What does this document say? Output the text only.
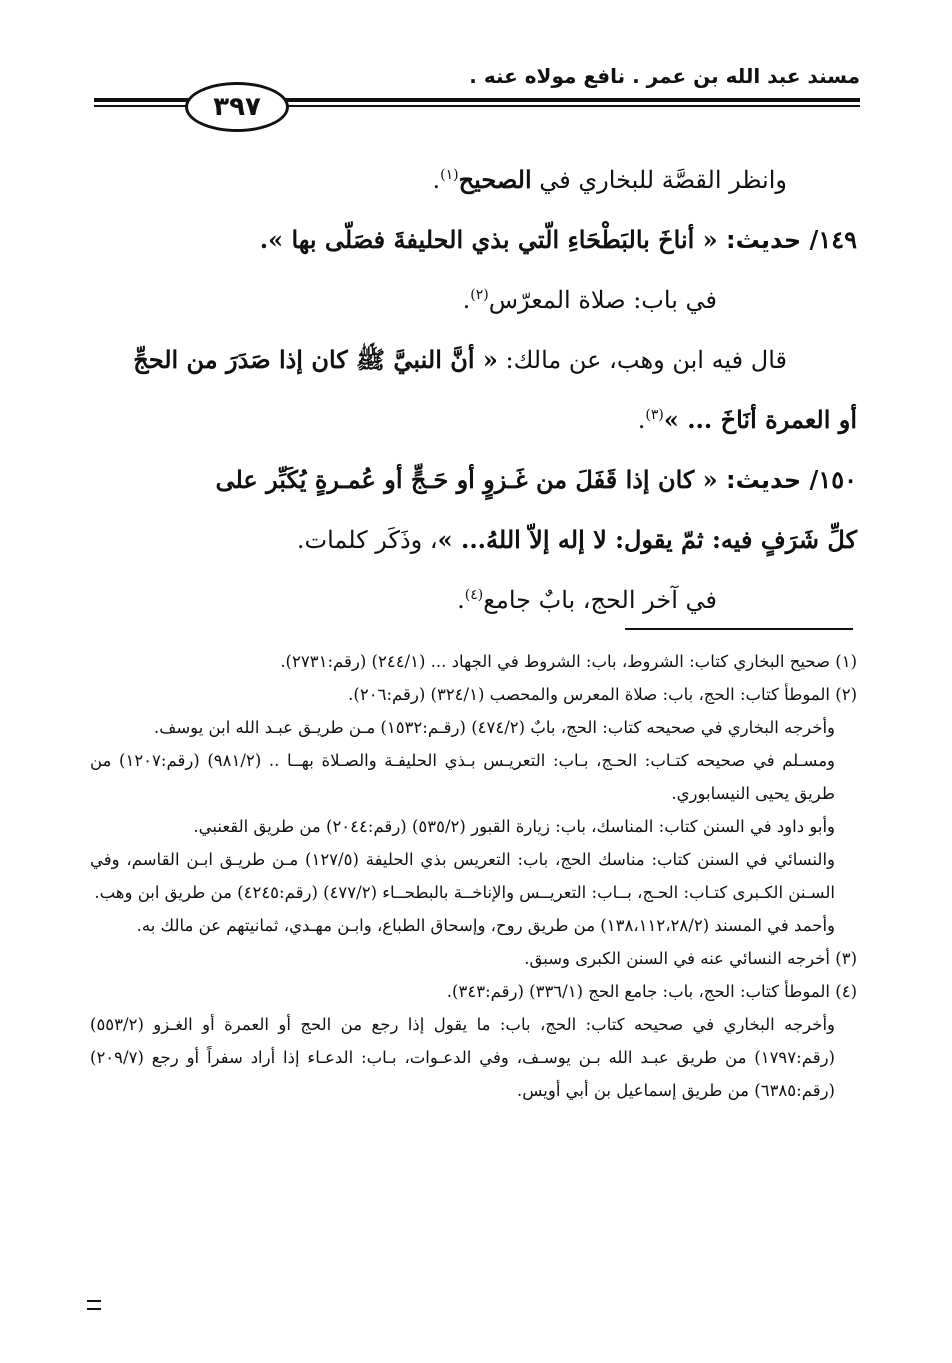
مسند عبد الله بن عمر . نافع مولاه عنه .
٣٩٧
وانظر القصَّة للبخاري في الصحيح$^{(١)}$.
١٤٩/ حديث: « أناخَ بالبَطْحَاءِ الّتي بذي الحليفةَ فصَلّى بها ».
في باب: صلاة المعرّس$^{(٢)}$.
قال فيه ابن وهب، عن مالك: « أنَّ النبيَّ ﷺ كان إذا صَدَرَ من الحجِّ
أو العمرة أنَاخَ ... »$^{(٣)}$.
١٥٠/ حديث: « كان إذا قَفَلَ من غَـزوٍ أو حَـجٍّ أو عُمـرةٍ يُكَبِّر على
كلِّ شَرَفٍ فيه: ثمّ يقول: لا إله إلاّ اللهُ... »، وذَكَر كلمات.
في آخر الحج، بابٌ جامع$^{(٤)}$.
(١) صحيح البخاري كتاب: الشروط، باب: الشروط في الجهاد ... (٢٤٤/١) (رقم:٢٧٣١).
(٢) الموطأ كتاب: الحج، باب: صلاة المعرس والمحصب (٣٢٤/١) (رقم:٢٠٦).
وأخرجه البخاري في صحيحه كتاب: الحج، بابٌ (٤٧٤/٢) (رقـم:١٥٣٢) مـن طريـق عبـد الله ابن يوسف.
ومسـلم في صحيحه كتـاب: الحـج، بـاب: التعريـس بـذي الحليفـة والصـلاة بهــا .. (٩٨١/٢) (رقم:١٢٠٧) من طريق يحيى النيسابوري.
وأبو داود في السنن كتاب: المناسك، باب: زيارة القبور (٥٣٥/٢) (رقم:٢٠٤٤) من طريق القعنبي.
والنسائي في السنن كتاب: مناسك الحج، باب: التعريس بذي الحليفة (١٢٧/٥) مـن طريـق ابـن القاسم، وفي السـنن الكـبرى كتـاب: الحـج، بــاب: التعريــس والإناخــة بالبطحــاء (٤٧٧/٢) (رقم:٤٢٤٥) من طريق ابن وهب.
وأحمد في المسند (١٣٨،١١٢،٢٨/٢) من طريق روح، وإسحاق الطباع، وابـن مهـدي، ثمانيتهم عن مالك به.
(٣) أخرجه النسائي عنه في السنن الكبرى وسبق.
(٤) الموطأ كتاب: الحج، باب: جامع الحج (٣٣٦/١) (رقم:٣٤٣).
وأخرجه البخاري في صحيحه كتاب: الحج، باب: ما يقول إذا رجع من الحج أو العمرة أو الغـزو (٥٥٣/٢) (رقم:١٧٩٧) من طريق عبـد الله بـن يوسـف، وفي الدعـوات، بـاب: الدعـاء إذا أراد سفراً أو رجع (٢٠٩/٧) (رقم:٦٣٨٥) من طريق إسماعيل بن أبي أويس.
